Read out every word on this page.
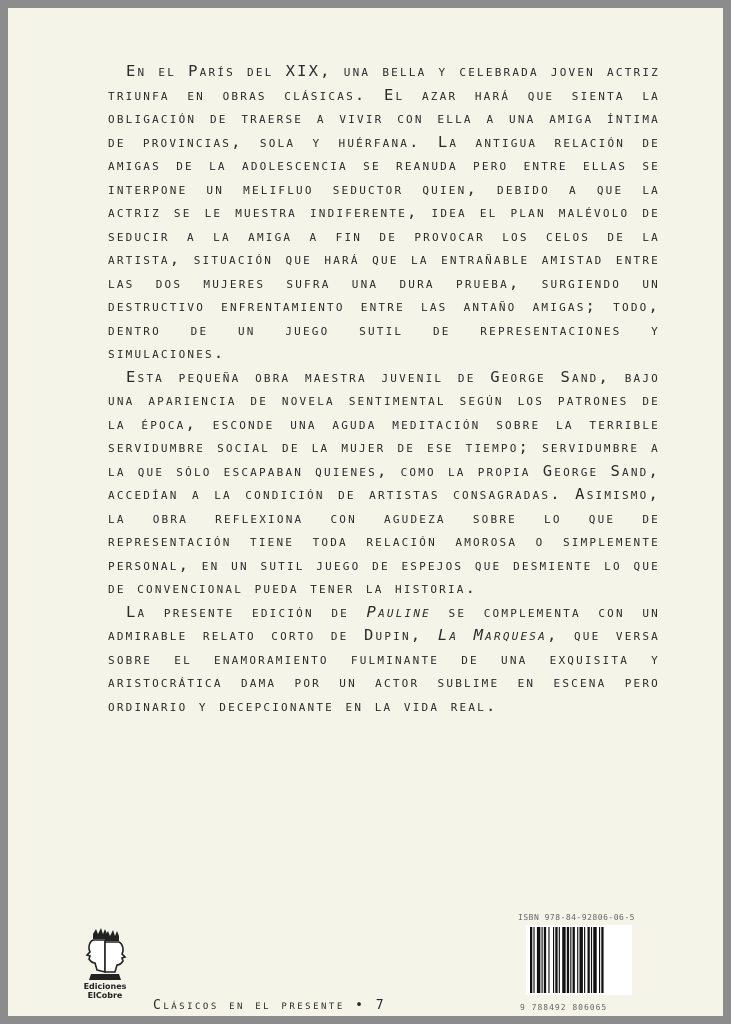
En el París del XIX, una bella y celebrada joven actriz triunfa en obras clásicas. El azar hará que sienta la obligación de traerse a vivir con ella a una amiga íntima de provincias, sola y huérfana. La antigua relación de amigas de la adolescencia se reanuda pero entre ellas se interpone un melifluo seductor quien, debido a que la actriz se le muestra indiferente, idea el plan malévolo de seducir a la amiga a fin de provocar los celos de la artista, situación que hará que la entrañable amistad entre las dos mujeres sufra una dura prueba, surgiendo un destructivo enfrentamiento entre las antaño amigas; todo, dentro de un juego sutil de representaciones y simulaciones.

Esta pequeña obra maestra juvenil de George Sand, bajo una apariencia de novela sentimental según los patrones de la época, esconde una aguda meditación sobre la terrible servidumbre social de la mujer de ese tiempo; servidumbre a la que sólo escapaban quienes, como la propia George Sand, accedían a la condición de artistas consagradas. Asimismo, la obra reflexiona con agudeza sobre lo que de representación tiene toda relación amorosa o simplemente personal, en un sutil juego de espejos que desmiente lo que de convencional pueda tener la historia.

La presente edición de Pauline se complementa con un admirable relato corto de Dupin, La Marquesa, que versa sobre el enamoramiento fulminante de una exquisita y aristocrática dama por un actor sublime en escena pero ordinario y decepcionante en la vida real.

Ediciones
ElCobre
Clásicos en el presente • 7
ISBN 978-84-92806-06-5
9 788492 806065
